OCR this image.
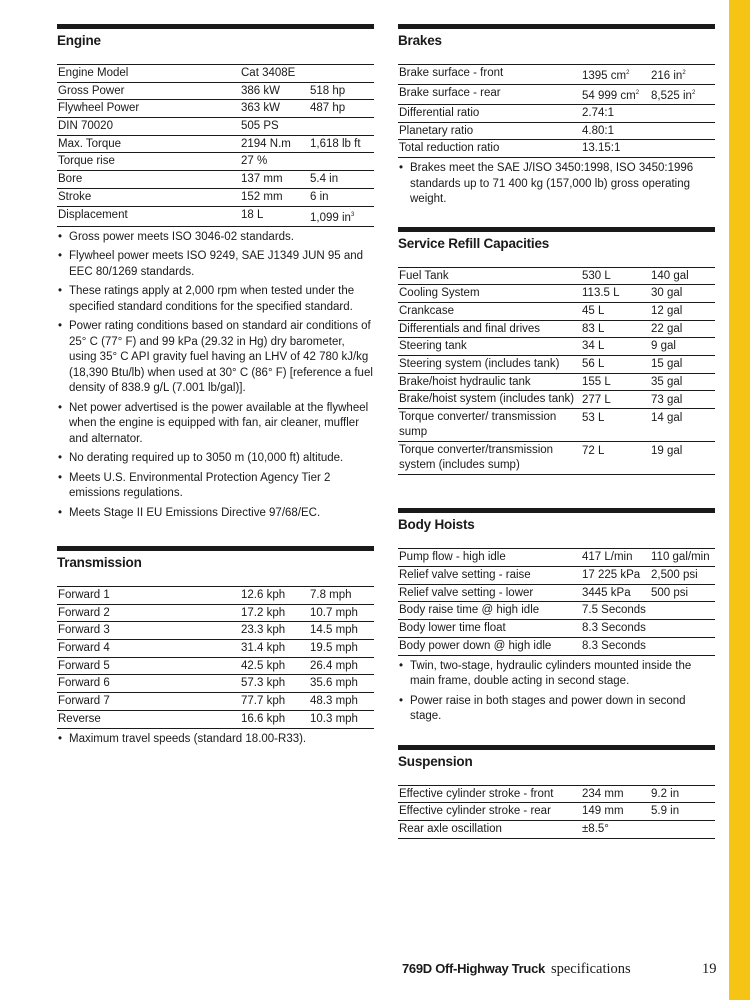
Engine
Engine Model	Cat 3408E	
Gross Power	386 kW	518 hp
Flywheel Power	363 kW	487 hp
DIN 70020	505 PS	
Max. Torque	2194 N.m	1,618 lb ft
Torque rise	27 %	
Bore	137 mm	5.4 in
Stroke	152 mm	6 in
Displacement	18 L	1,099 $in^3$
• Gross power meets ISO 3046-02 standards.
• Flywheel power meets ISO 9249, SAE J1349 JUN 95 and EEC 80/1269 standards.
• These ratings apply at 2,000 rpm when tested under the specified standard conditions for the specified standard.
• Power rating conditions based on standard air conditions of 25° C (77° F) and 99 kPa (29.32 in Hg) dry barometer, using 35° C API gravity fuel having an LHV of 42 780 kJ/kg (18,390 Btu/lb) when used at 30° C (86° F) [reference a fuel density of 838.9 g/L (7.001 lb/gal)].
• Net power advertised is the power available at the flywheel when the engine is equipped with fan, air cleaner, muffler and alternator.
• No derating required up to 3050 m (10,000 ft) altitude.
• Meets U.S. Environmental Protection Agency Tier 2 emissions regulations.
• Meets Stage II EU Emissions Directive 97/68/EC.
Transmission
Forward 1	12.6 kph	7.8 mph
Forward 2	17.2 kph	10.7 mph
Forward 3	23.3 kph	14.5 mph
Forward 4	31.4 kph	19.5 mph
Forward 5	42.5 kph	26.4 mph
Forward 6	57.3 kph	35.6 mph
Forward 7	77.7 kph	48.3 mph
Reverse	16.6 kph	10.3 mph
• Maximum travel speeds (standard 18.00-R33).
Brakes
Brake surface - front	1395 $cm^2$	216 $in^2$
Brake surface - rear	54 999 $cm^2$	8,525 $in^2$
Differential ratio	2.74:1	
Planetary ratio	4.80:1	
Total reduction ratio	13.15:1	
• Brakes meet the SAE J/ISO 3450:1998, ISO 3450:1996 standards up to 71 400 kg (157,000 lb) gross operating weight.
Service Refill Capacities
Fuel Tank	530 L	140 gal
Cooling System	113.5 L	30 gal
Crankcase	45 L	12 gal
Differentials and final drives	83 L	22 gal
Steering tank	34 L	9 gal
Steering system (includes tank)	56 L	15 gal
Brake/hoist hydraulic tank	155 L	35 gal
Brake/hoist system (includes tank)	277 L	73 gal
Torque converter/ transmission sump	53 L	14 gal
Torque converter/transmission system (includes sump)	72 L	19 gal
Body Hoists
Pump flow - high idle	417 L/min	110 gal/min
Relief valve setting - raise	17 225 kPa	2,500 psi
Relief valve setting - lower	3445 kPa	500 psi
Body raise time @ high idle	7.5 Seconds	
Body lower time float	8.3 Seconds	
Body power down @ high idle	8.3 Seconds	
• Twin, two-stage, hydraulic cylinders mounted inside the main frame, double acting in second stage.
• Power raise in both stages and power down in second stage.
Suspension
Effective cylinder stroke - front	234 mm	9.2 in
Effective cylinder stroke - rear	149 mm	5.9 in
Rear axle oscillation	±8.5°	
769D Off-Highway Truck specifications	19
